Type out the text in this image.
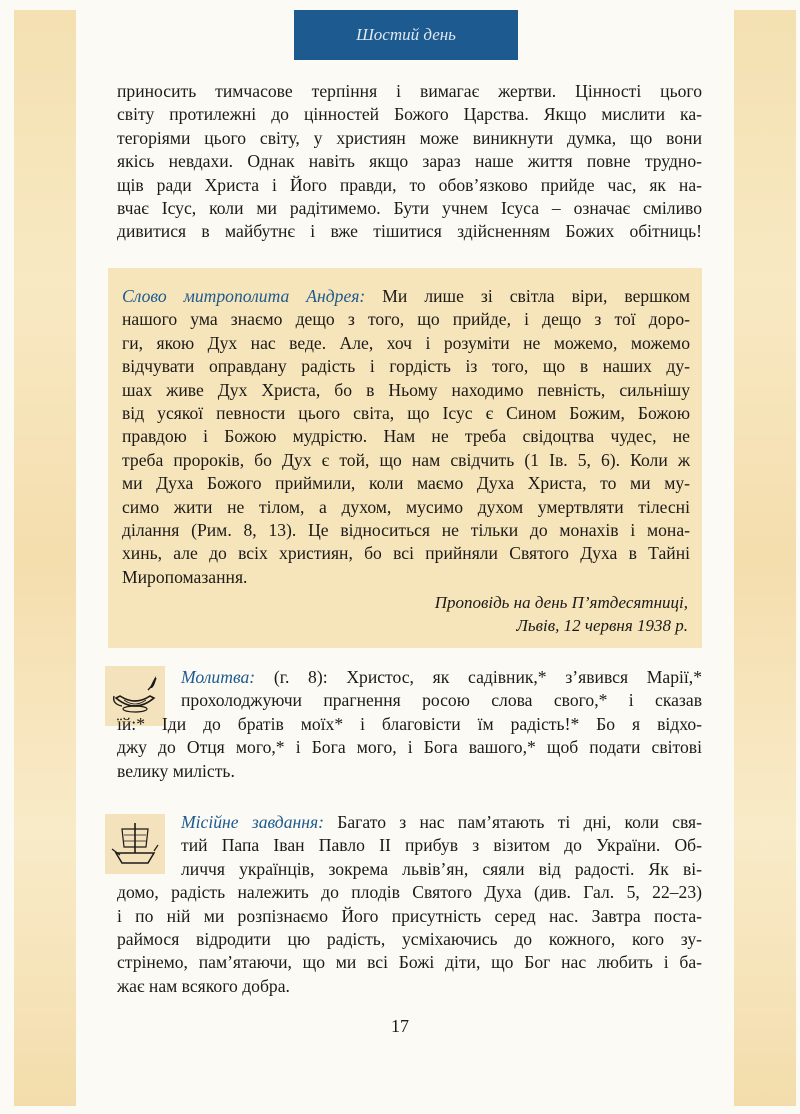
Шостий день
приносить тимчасове терпіння і вимагає жертви. Цінності цього
світу протилежні до цінностей Божого Царства. Якщо мислити ка-
тегоріями цього світу, у християн може виникнути думка, що вони
якісь невдахи. Однак навіть якщо зараз наше життя повне трудно-
щів ради Христа і Його правди, то обов’язково прийде час, як на-
вчає Ісус, коли ми радітимемо. Бути учнем Ісуса – означає сміливо
дивитися в майбутнє і вже тішитися здійсненням Божих обітниць!
Слово митрополита Андрея: Ми лише зі світла віри, вершком
нашого ума знаємо дещо з того, що прийде, і дещо з тої доро-
ги, якою Дух нас веде. Але, хоч і розуміти не можемо, можемо
відчувати оправдану радість і гордість із того, що в наших ду-
шах живе Дух Христа, бо в Ньому находимо певність, сильнішу
від усякої певности цього світа, що Ісус є Сином Божим, Божою
правдою і Божою мудрістю. Нам не треба свідоцтва чудес, не
треба пророків, бо Дух є той, що нам свідчить (1 Ів. 5, 6). Коли ж
ми Духа Божого приймили, коли маємо Духа Христа, то ми му-
симо жити не тілом, а духом, мусимо духом умертвляти тілесні
ділання (Рим. 8, 13). Це відноситься не тільки до монахів і мона-
хинь, але до всіх християн, бо всі прийняли Святого Духа в Тайні
Миропомазання.
Проповідь на день П’ятдесятниці,
Львів, 12 червня 1938 р.
Молитва: (г. 8): Христос, як садівник,* з’явився Марії,*
прохолоджуючи прагнення росою слова свого,* і сказав
їй:* Іди до братів моїх* і благовісти їм радість!* Бо я відхо-
джу до Отця мого,* і Бога мого, і Бога вашого,* щоб подати світові
велику милість.
Місійне завдання: Багато з нас пам’ятають ті дні, коли свя-
тий Папа Іван Павло II прибув з візитом до України. Об-
личчя українців, зокрема львів’ян, сяяли від радості. Як ві-
домо, радість належить до плодів Святого Духа (див. Гал. 5, 22–23)
і по ній ми розпізнаємо Його присутність серед нас. Завтра поста-
раймося відродити цю радість, усміхаючись до кожного, кого зу-
стрінемо, пам’ятаючи, що ми всі Божі діти, що Бог нас любить і ба-
жає нам всякого добра.
17
